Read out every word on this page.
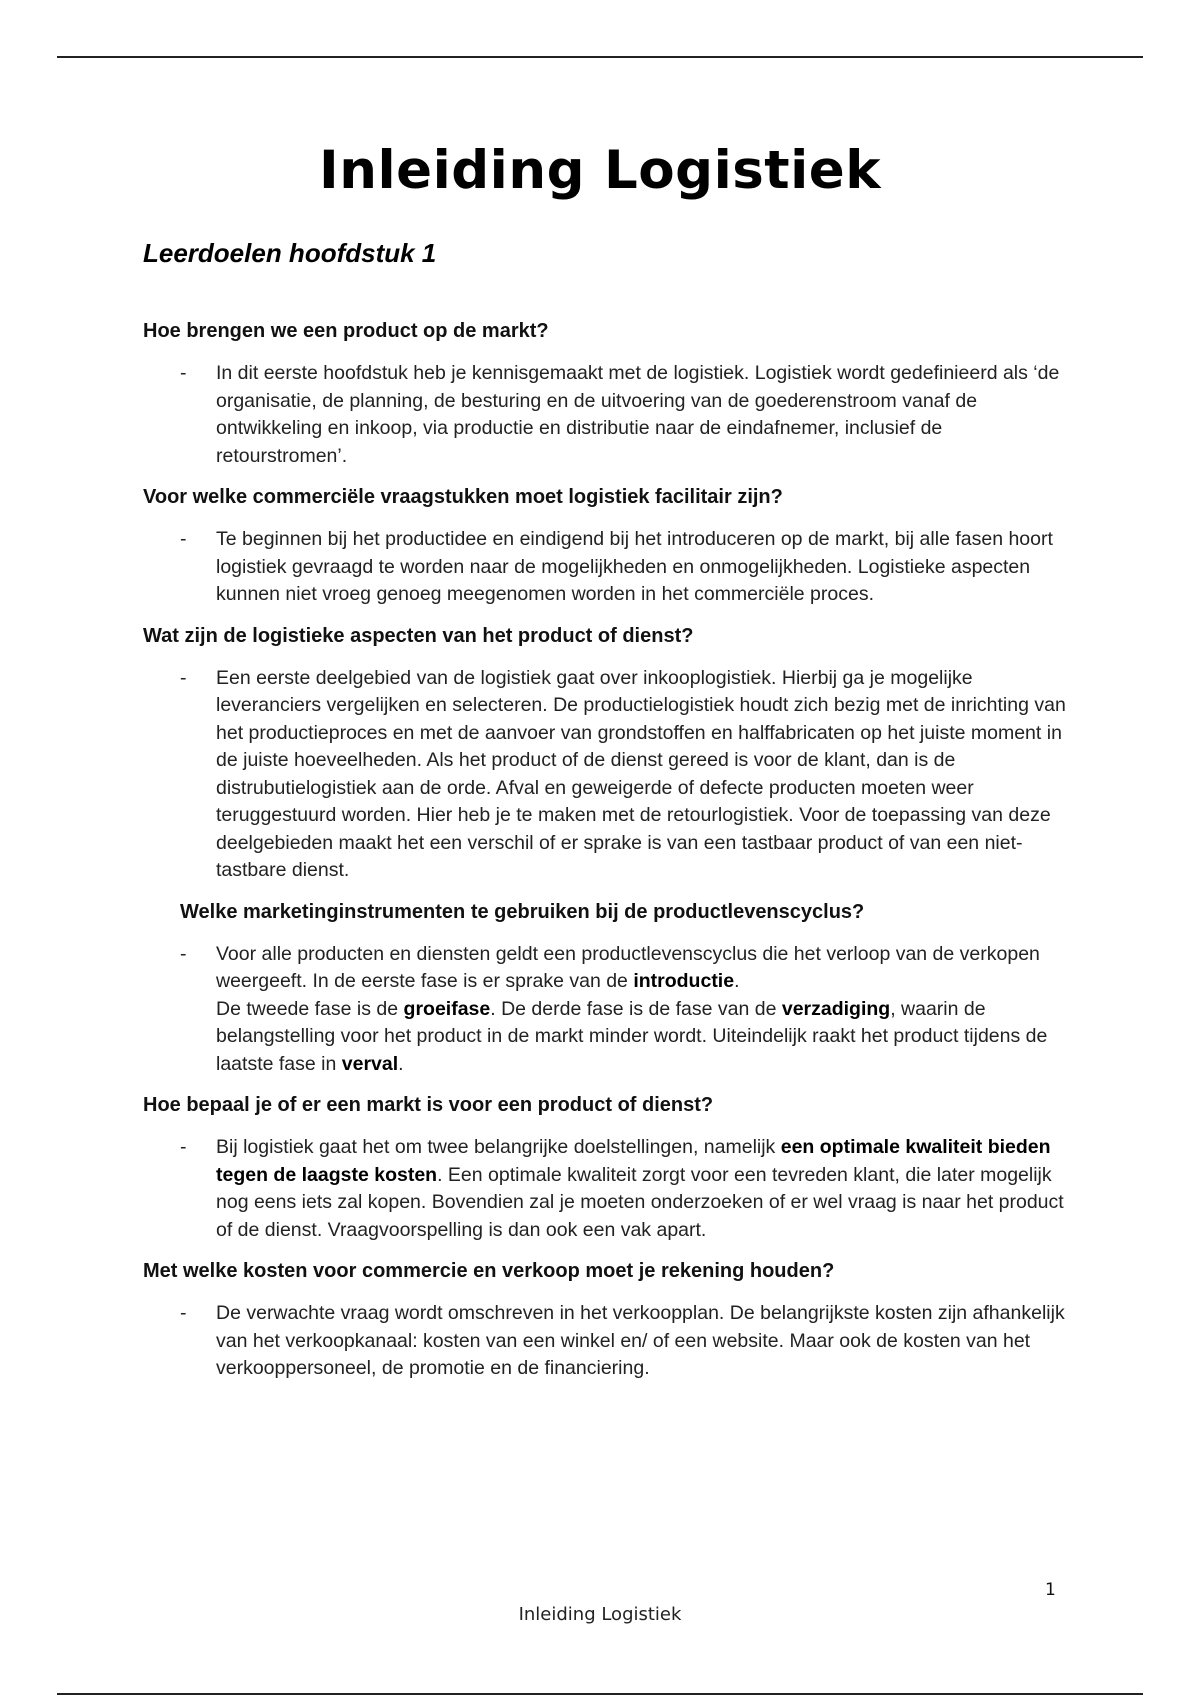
Inleiding Logistiek
Leerdoelen hoofdstuk 1

Hoe brengen we een product op de markt?

- In dit eerste hoofdstuk heb je kennisgemaakt met de logistiek. Logistiek wordt gedefinieerd als ‘de organisatie, de planning, de besturing en de uitvoering van de goederenstroom vanaf de ontwikkeling en inkoop, via productie en distributie naar de eindafnemer, inclusief de retourstromen’.

Voor welke commerciële vraagstukken moet logistiek facilitair zijn?

- Te beginnen bij het productidee en eindigend bij het introduceren op de markt, bij alle fasen hoort logistiek gevraagd te worden naar de mogelijkheden en onmogelijkheden. Logistieke aspecten kunnen niet vroeg genoeg meegenomen worden in het commerciële proces.

Wat zijn de logistieke aspecten van het product of dienst?

- Een eerste deelgebied van de logistiek gaat over inkooplogistiek. Hierbij ga je mogelijke leveranciers vergelijken en selecteren. De productielogistiek houdt zich bezig met de inrichting van het productieproces en met de aanvoer van grondstoffen en halffabricaten op het juiste moment in de juiste hoeveelheden. Als het product of de dienst gereed is voor de klant, dan is de distrubutielogistiek aan de orde. Afval en geweigerde of defecte producten moeten weer teruggestuurd worden. Hier heb je te maken met de retourlogistiek. Voor de toepassing van deze deelgebieden maakt het een verschil of er sprake is van een tastbaar product of van een niet-tastbare dienst.

Welke marketinginstrumenten te gebruiken bij de productlevenscyclus?

- Voor alle producten en diensten geldt een productlevenscyclus die het verloop van de verkopen weergeeft. In de eerste fase is er sprake van de introductie.
De tweede fase is de groeifase. De derde fase is de fase van de verzadiging, waarin de belangstelling voor het product in de markt minder wordt. Uiteindelijk raakt het product tijdens de laatste fase in verval.

Hoe bepaal je of er een markt is voor een product of dienst?

- Bij logistiek gaat het om twee belangrijke doelstellingen, namelijk een optimale kwaliteit bieden tegen de laagste kosten. Een optimale kwaliteit zorgt voor een tevreden klant, die later mogelijk nog eens iets zal kopen. Bovendien zal je moeten onderzoeken of er wel vraag is naar het product of de dienst. Vraagvoorspelling is dan ook een vak apart.

Met welke kosten voor commercie en verkoop moet je rekening houden?

- De verwachte vraag wordt omschreven in het verkoopplan. De belangrijkste kosten zijn afhankelijk van het verkoopkanaal: kosten van een winkel en/ of een website. Maar ook de kosten van het verkooppersoneel, de promotie en de financiering.
1
Inleiding Logistiek
